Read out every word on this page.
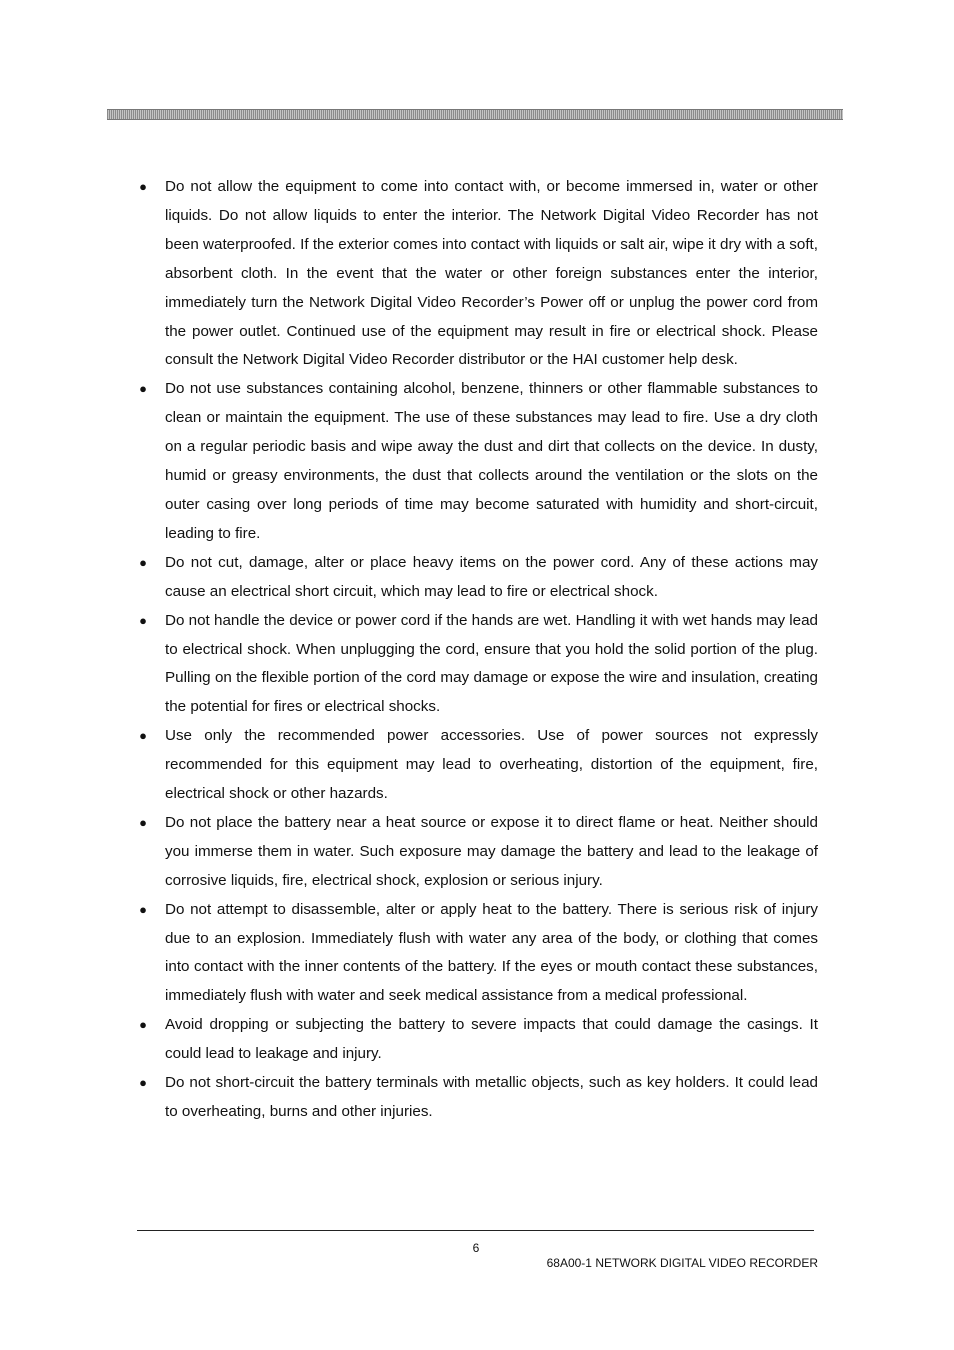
● Do not allow the equipment to come into contact with, or become immersed in, water or other liquids. Do not allow liquids to enter the interior. The Network Digital Video Recorder has not been waterproofed. If the exterior comes into contact with liquids or salt air, wipe it dry with a soft, absorbent cloth. In the event that the water or other foreign substances enter the interior, immediately turn the Network Digital Video Recorder’s Power off or unplug the power cord from the power outlet. Continued use of the equipment may result in fire or electrical shock. Please consult the Network Digital Video Recorder distributor or the HAI customer help desk.
● Do not use substances containing alcohol, benzene, thinners or other flammable substances to clean or maintain the equipment. The use of these substances may lead to fire. Use a dry cloth on a regular periodic basis and wipe away the dust and dirt that collects on the device. In dusty, humid or greasy environments, the dust that collects around the ventilation or the slots on the outer casing over long periods of time may become saturated with humidity and short-circuit, leading to fire.
● Do not cut, damage, alter or place heavy items on the power cord. Any of these actions may cause an electrical short circuit, which may lead to fire or electrical shock.
● Do not handle the device or power cord if the hands are wet. Handling it with wet hands may lead to electrical shock. When unplugging the cord, ensure that you hold the solid portion of the plug. Pulling on the flexible portion of the cord may damage or expose the wire and insulation, creating the potential for fires or electrical shocks.
● Use only the recommended power accessories. Use of power sources not expressly recommended for this equipment may lead to overheating, distortion of the equipment, fire, electrical shock or other hazards.
● Do not place the battery near a heat source or expose it to direct flame or heat. Neither should you immerse them in water. Such exposure may damage the battery and lead to the leakage of corrosive liquids, fire, electrical shock, explosion or serious injury.
● Do not attempt to disassemble, alter or apply heat to the battery. There is serious risk of injury due to an explosion. Immediately flush with water any area of the body, or clothing that comes into contact with the inner contents of the battery. If the eyes or mouth contact these substances, immediately flush with water and seek medical assistance from a medical professional.
● Avoid dropping or subjecting the battery to severe impacts that could damage the casings. It could lead to leakage and injury.
● Do not short-circuit the battery terminals with metallic objects, such as key holders. It could lead to overheating, burns and other injuries.
6
68A00-1 NETWORK DIGITAL VIDEO RECORDER
